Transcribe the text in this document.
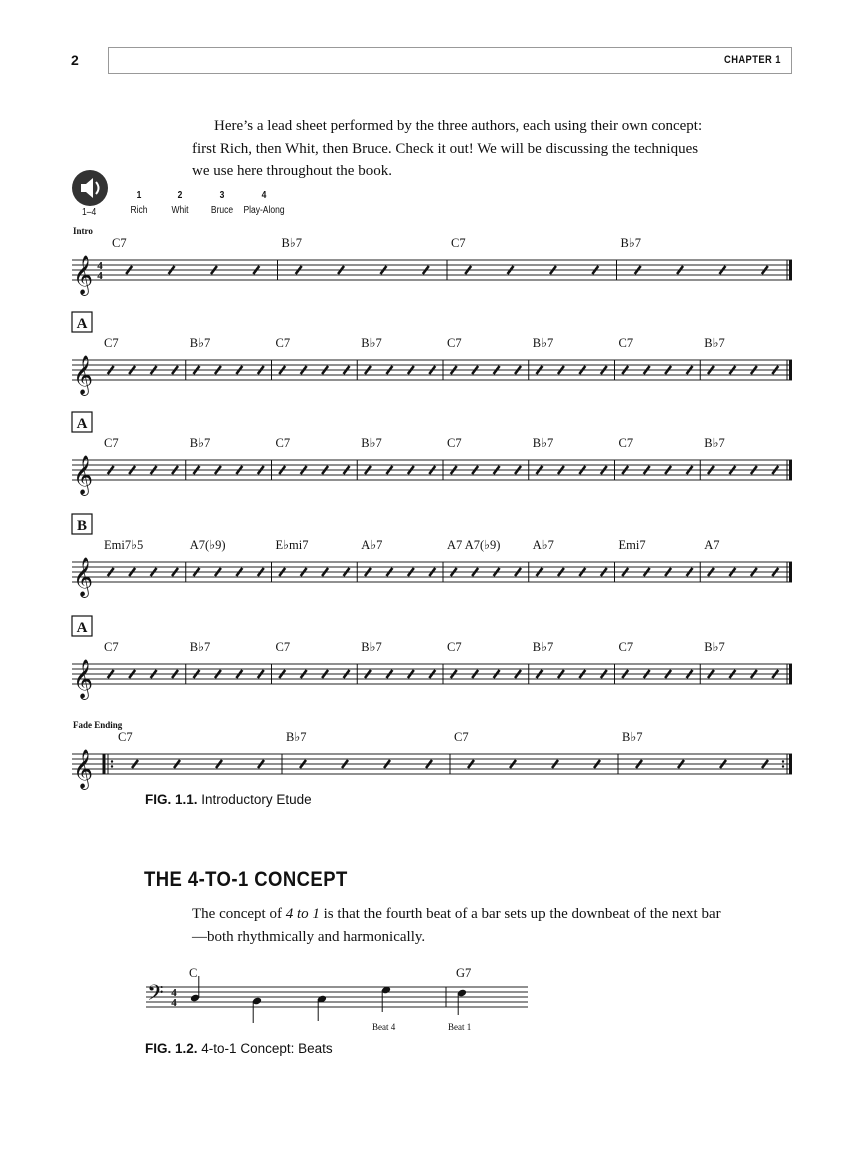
2	CHAPTER 1
Here’s a lead sheet performed by the three authors, each using their own concept: first Rich, then Whit, then Bruce. Check it out! We will be discussing the techniques we use here throughout the book.
1–4
1
Rich
2
Whit
3
Bruce
4
Play-Along
𝄞 4
4
C7	B♭7	C7	B♭7
Intro
𝄞
C7	B♭7	C7	B♭7	C7	B♭7	C7	B♭7
A
𝄞
C7	B♭7	C7	B♭7	C7	B♭7	C7	B♭7
A
𝄞
Emi7♭5	A7(♭9)	E♭mi7	A♭7	A7 A7(♭9)	A♭7	Emi7	A7
B
𝄞
C7	B♭7	C7	B♭7	C7	B♭7	C7	B♭7
A
𝄞
C7	B♭7	C7	B♭7
Fade Ending
𝄢 4
4
C	G7
Beat 4	Beat 1
FIG. 1.1. Introductory Etude
THE 4-TO-1 CONCEPT
The concept of 4 to 1 is that the fourth beat of a bar sets up the downbeat of the next bar—both rhythmically and harmonically.
FIG. 1.2. 4-to-1 Concept: Beats
